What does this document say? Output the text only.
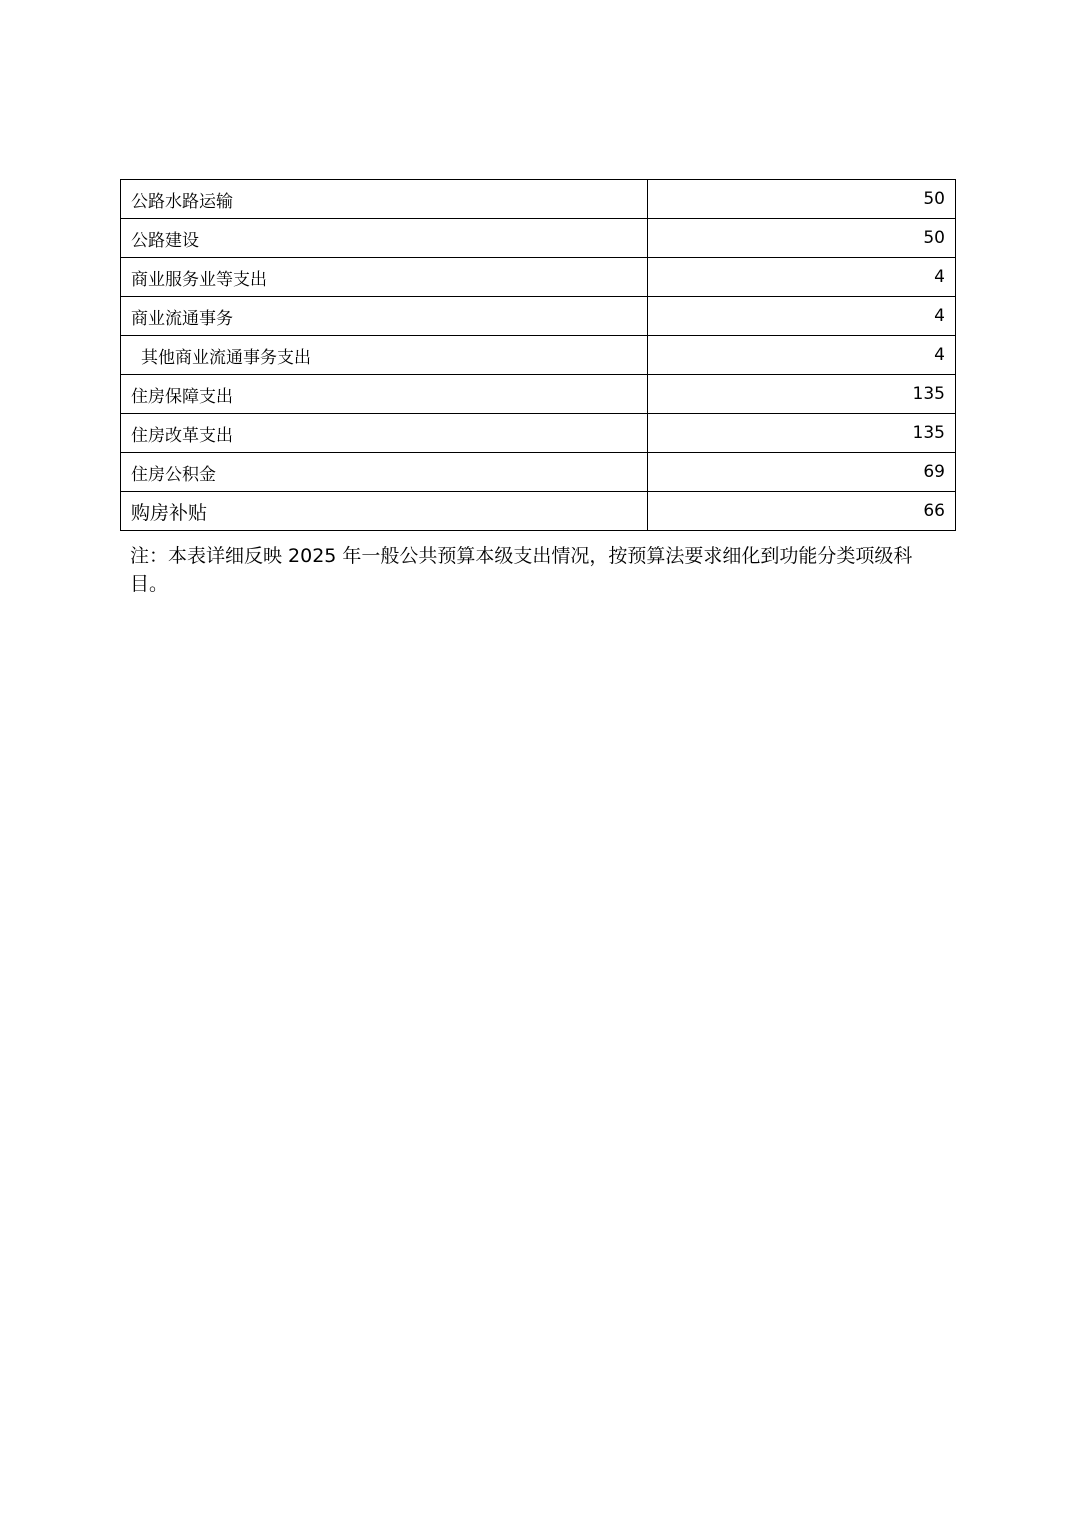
公路水路运输	50
公路建设	50
商业服务业等支出	4
商业流通事务	4
其他商业流通事务支出	4
住房保障支出	135
住房改革支出	135
住房公积金	69
购房补贴	66

注：本表详细反映 2025 年一般公共预算本级支出情况，按预算法要求细化到功能分类项级科目。
